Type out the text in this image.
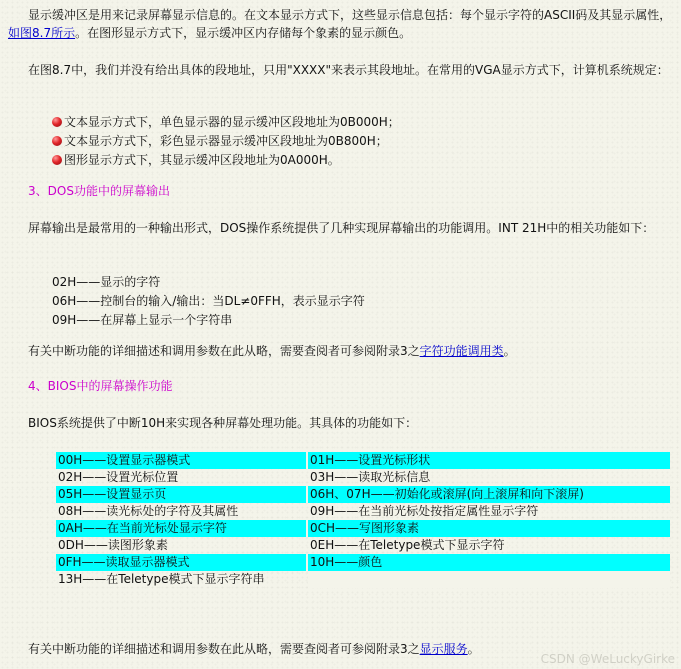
显示缓冲区是用来记录屏幕显示信息的。在文本显示方式下，这些显示信息包括：每个显示字符的ASCII码及其显示属性，如图8.7所示。在图形显示方式下，显示缓冲区内存储每个象素的显示颜色。

在图8.7中，我们并没有给出具体的段地址，只用"XXXX"来表示其段地址。在常用的VGA显示方式下，计算机系统规定：

文本显示方式下，单色显示器的显示缓冲区段地址为0B000H；
文本显示方式下，彩色显示器显示缓冲区段地址为0B800H；
图形显示方式下，其显示缓冲区段地址为0A000H。

3、DOS功能中的屏幕输出

屏幕输出是最常用的一种输出形式，DOS操作系统提供了几种实现屏幕输出的功能调用。INT 21H中的相关功能如下：

02H——显示的字符
06H——控制台的输入/输出：当DL≠0FFH，表示显示字符
09H——在屏幕上显示一个字符串

有关中断功能的详细描述和调用参数在此从略，需要查阅者可参阅附录3之字符功能调用类。

4、BIOS中的屏幕操作功能

BIOS系统提供了中断10H来实现各种屏幕处理功能。其具体的功能如下：

00H——设置显示器模式		01H——设置光标形状
02H——设置光标位置		03H——读取光标信息
05H——设置显示页		06H、07H——初始化或滚屏(向上滚屏和向下滚屏)
08H——读光标处的字符及其属性		09H——在当前光标处按指定属性显示字符
0AH——在当前光标处显示字符		0CH——写图形象素
0DH——读图形象素		0EH——在Teletype模式下显示字符
0FH——读取显示器模式		10H——颜色
13H——在Teletype模式下显示字符串		

有关中断功能的详细描述和调用参数在此从略，需要查阅者可参阅附录3之显示服务。

CSDN @WeLuckyGirke
